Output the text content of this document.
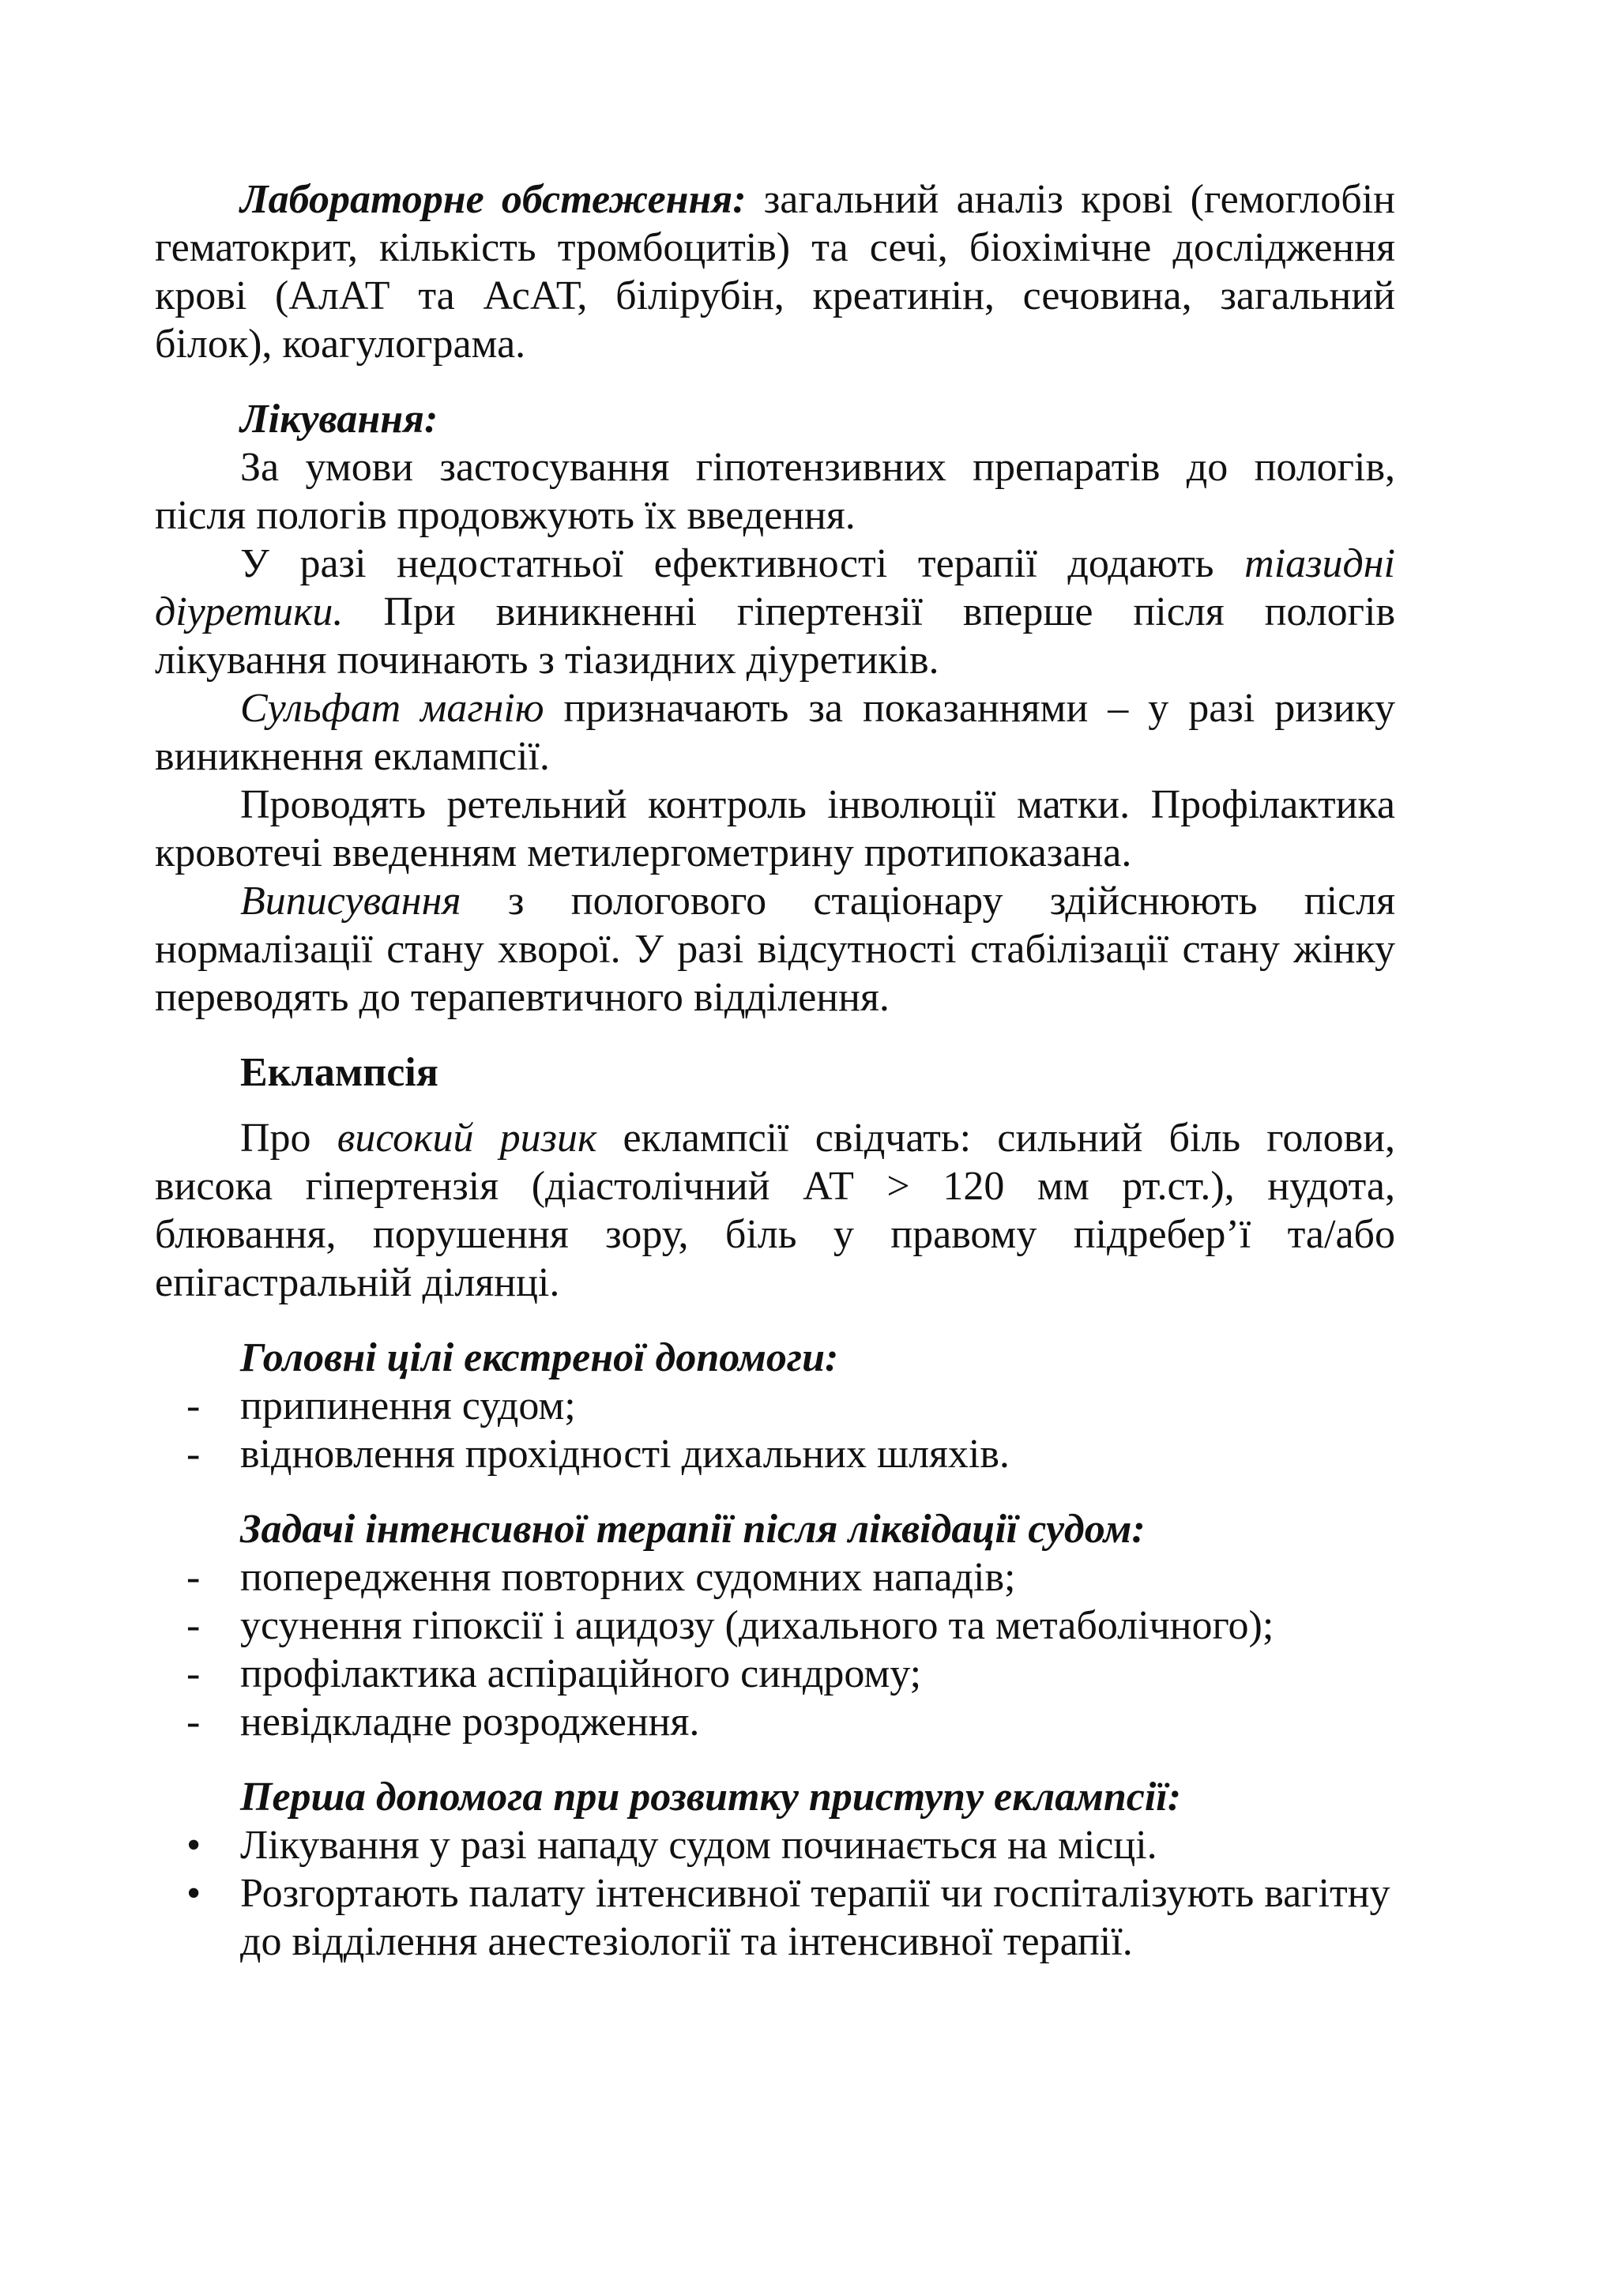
Лабораторне обстеження: загальний аналіз крові (гемоглобін гематокрит, кількість тромбоцитів) та сечі, біохімічне дослідження крові (АлАТ та АсАТ, білірубін, креатинін, сечовина, загальний білок), коагулограма.

Лікування:

За умови застосування гіпотензивних препаратів до пологів, після пологів продовжують їх введення.

У разі недостатньої ефективності терапії додають тіазидні діуретики. При виникненні гіпертензії вперше після пологів лікування починають з тіазидних діуретиків.

Сульфат магнію призначають за показаннями – у разі ризику виникнення еклампсії.

Проводять ретельний контроль інволюції матки. Профілактика кровотечі введенням метилергометрину протипоказана.

Виписування з пологового стаціонару здійснюють після нормалізації стану хворої. У разі відсутності стабілізації стану жінку переводять до терапевтичного відділення.

Еклампсія

Про високий ризик еклампсії свідчать: сильний біль голови, висока гіпертензія (діастолічний АТ > 120 мм рт.ст.), нудота, блювання, порушення зору, біль у правому підребер’ї та/або епігастральній ділянці.

Головні цілі екстреної допомоги:

- припинення судом;
- відновлення прохідності дихальних шляхів.

Задачі інтенсивної терапії після ліквідації судом:

- попередження повторних судомних нападів;
- усунення гіпоксії і ацидозу (дихального та метаболічного);
- профілактика аспіраційного синдрому;
- невідкладне розродження.

Перша допомога при розвитку приступу еклампсії:

• Лікування у разі нападу судом починається на місці.
• Розгортають палату інтенсивної терапії чи госпіталізують вагітну до відділення анестезіології та інтенсивної терапії.
